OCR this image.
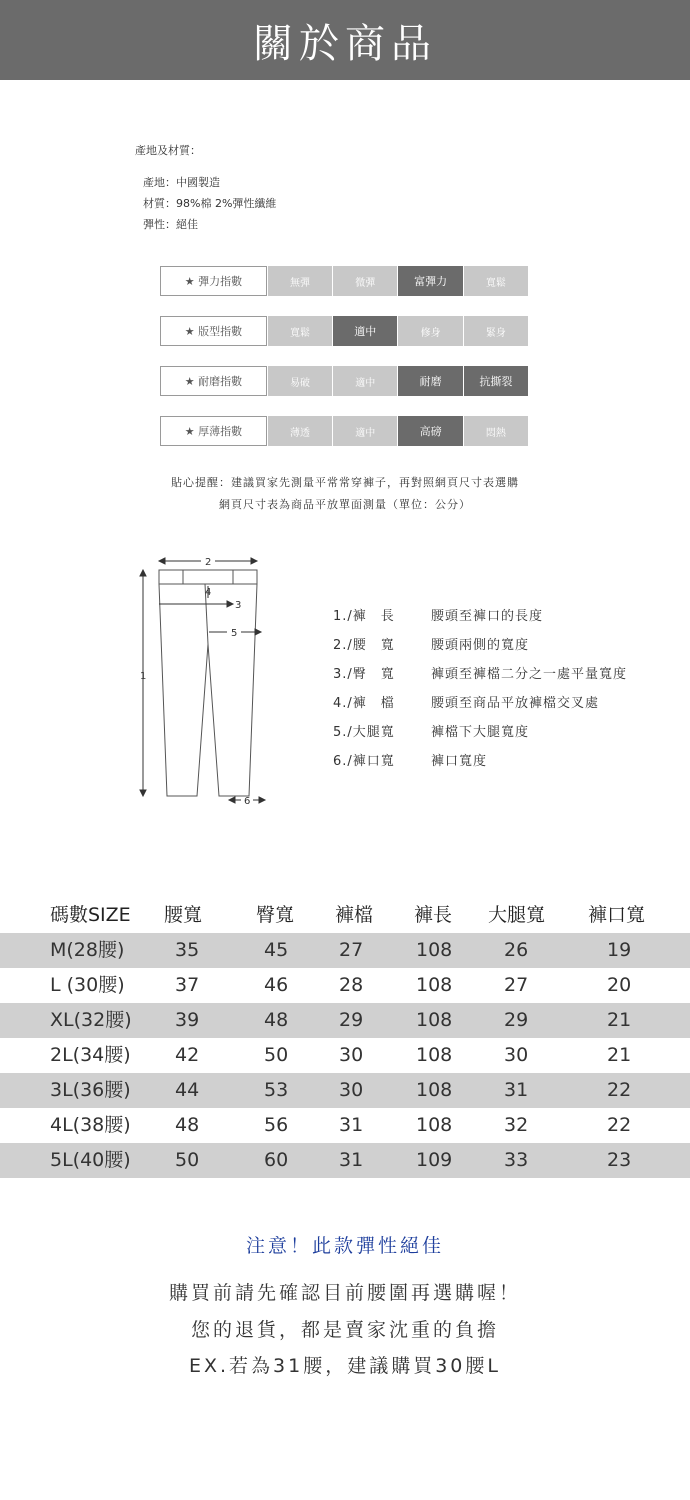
關於商品
產地及材質：
產地：中國製造
材質：98%棉 2%彈性纖維
彈性：絕佳
★ 彈力指數	無彈	微彈	富彈力	寬鬆
★ 版型指數	寬鬆	適中	修身	緊身
★ 耐磨指數	易破	適中	耐磨	抗撕裂
★ 厚薄指數	薄透	適中	高磅	悶熱
貼心提醒：建議買家先測量平常常穿褲子，再對照網頁尺寸表選購
網頁尺寸表為商品平放單面測量（單位：公分）
1
2
3
4
5
6
1./褲　長	腰頭至褲口的長度
2./腰　寬	腰頭兩側的寬度
3./臀　寬	褲頭至褲檔二分之一處平量寬度
4./褲　檔	腰頭至商品平放褲檔交叉處
5./大腿寬	褲檔下大腿寬度
6./褲口寬	褲口寬度
碼數SIZE 腰寬	臀寬 褲檔 褲長 大腿寬 褲口寬
M(28腰)	35	45	27	108	26	19
L (30腰)	37	46	28	108	27	20
XL(32腰) 39	48	29	108	29	21
2L(34腰) 42	50	30	108	30	21
3L(36腰) 44	53	30	108	31	22
4L(38腰) 48	56	31	108	32	22
5L(40腰) 50	60	31	109	33	23
注意！此款彈性絕佳
購買前請先確認目前腰圍再選購喔！
您的退貨，都是賣家沈重的負擔
EX.若為31腰，建議購買30腰L
